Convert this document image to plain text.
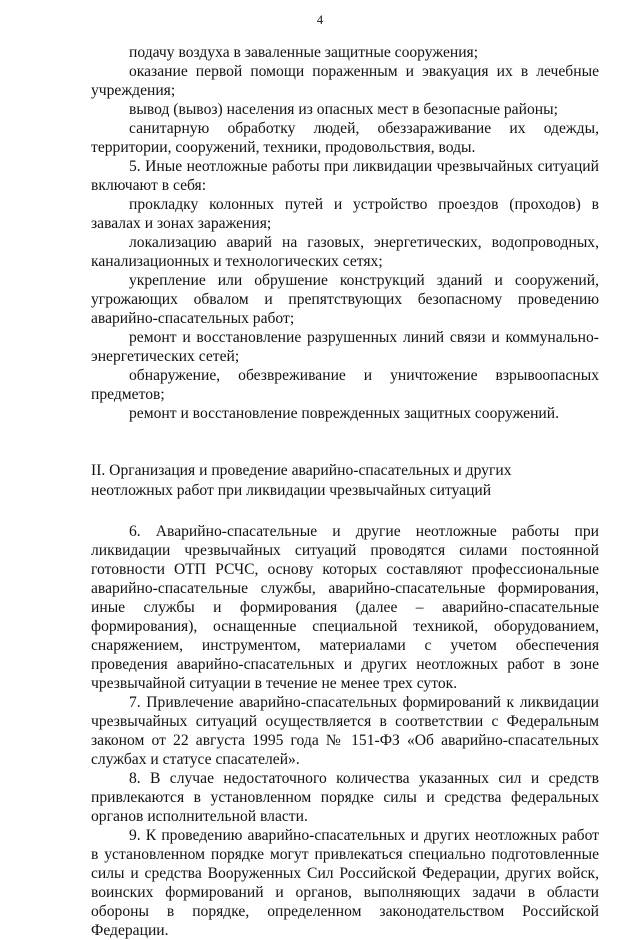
4

подачу воздуха в заваленные защитные сооружения;

оказание первой помощи пораженным и эвакуация их в лечебные учреждения;

вывод (вывоз) населения из опасных мест в безопасные районы;

санитарную обработку людей, обеззараживание их одежды, территории, сооружений, техники, продовольствия, воды.

5. Иные неотложные работы при ликвидации чрезвычайных ситуаций включают в себя:

прокладку колонных путей и устройство проездов (проходов) в завалах и зонах заражения;

локализацию аварий на газовых, энергетических, водопроводных, канализационных и технологических сетях;

укрепление или обрушение конструкций зданий и сооружений, угрожающих обвалом и препятствующих безопасному проведению аварийно-спасательных работ;

ремонт и восстановление разрушенных линий связи и коммунально-энергетических сетей;

обнаружение, обезвреживание и уничтожение взрывоопасных предметов;

ремонт и восстановление поврежденных защитных сооружений.

II. Организация и проведение аварийно-спасательных и других

неотложных работ при ликвидации чрезвычайных ситуаций

6. Аварийно-спасательные и другие неотложные работы при ликвидации чрезвычайных ситуаций проводятся силами постоянной готовности ОТП РСЧС, основу которых составляют профессиональные аварийно-спасательные службы, аварийно-спасательные формирования, иные службы и формирования (далее – аварийно-спасательные формирования), оснащенные специальной техникой, оборудованием, снаряжением, инструментом, материалами с учетом обеспечения проведения аварийно-спасательных и других неотложных работ в зоне чрезвычайной ситуации в течение не менее трех суток.

7. Привлечение аварийно-спасательных формирований к ликвидации чрезвычайных ситуаций осуществляется в соответствии с Федеральным законом от 22 августа 1995 года № 151-ФЗ «Об аварийно-спасательных службах и статусе спасателей».

8. В случае недостаточного количества указанных сил и средств привлекаются в установленном порядке силы и средства федеральных органов исполнительной власти.

9. К проведению аварийно-спасательных и других неотложных работ в установленном порядке могут привлекаться специально подготовленные силы и средства Вооруженных Сил Российской Федерации, других войск, воинских формирований и органов, выполняющих задачи в области обороны в порядке, определенном законодательством Российской Федерации.
